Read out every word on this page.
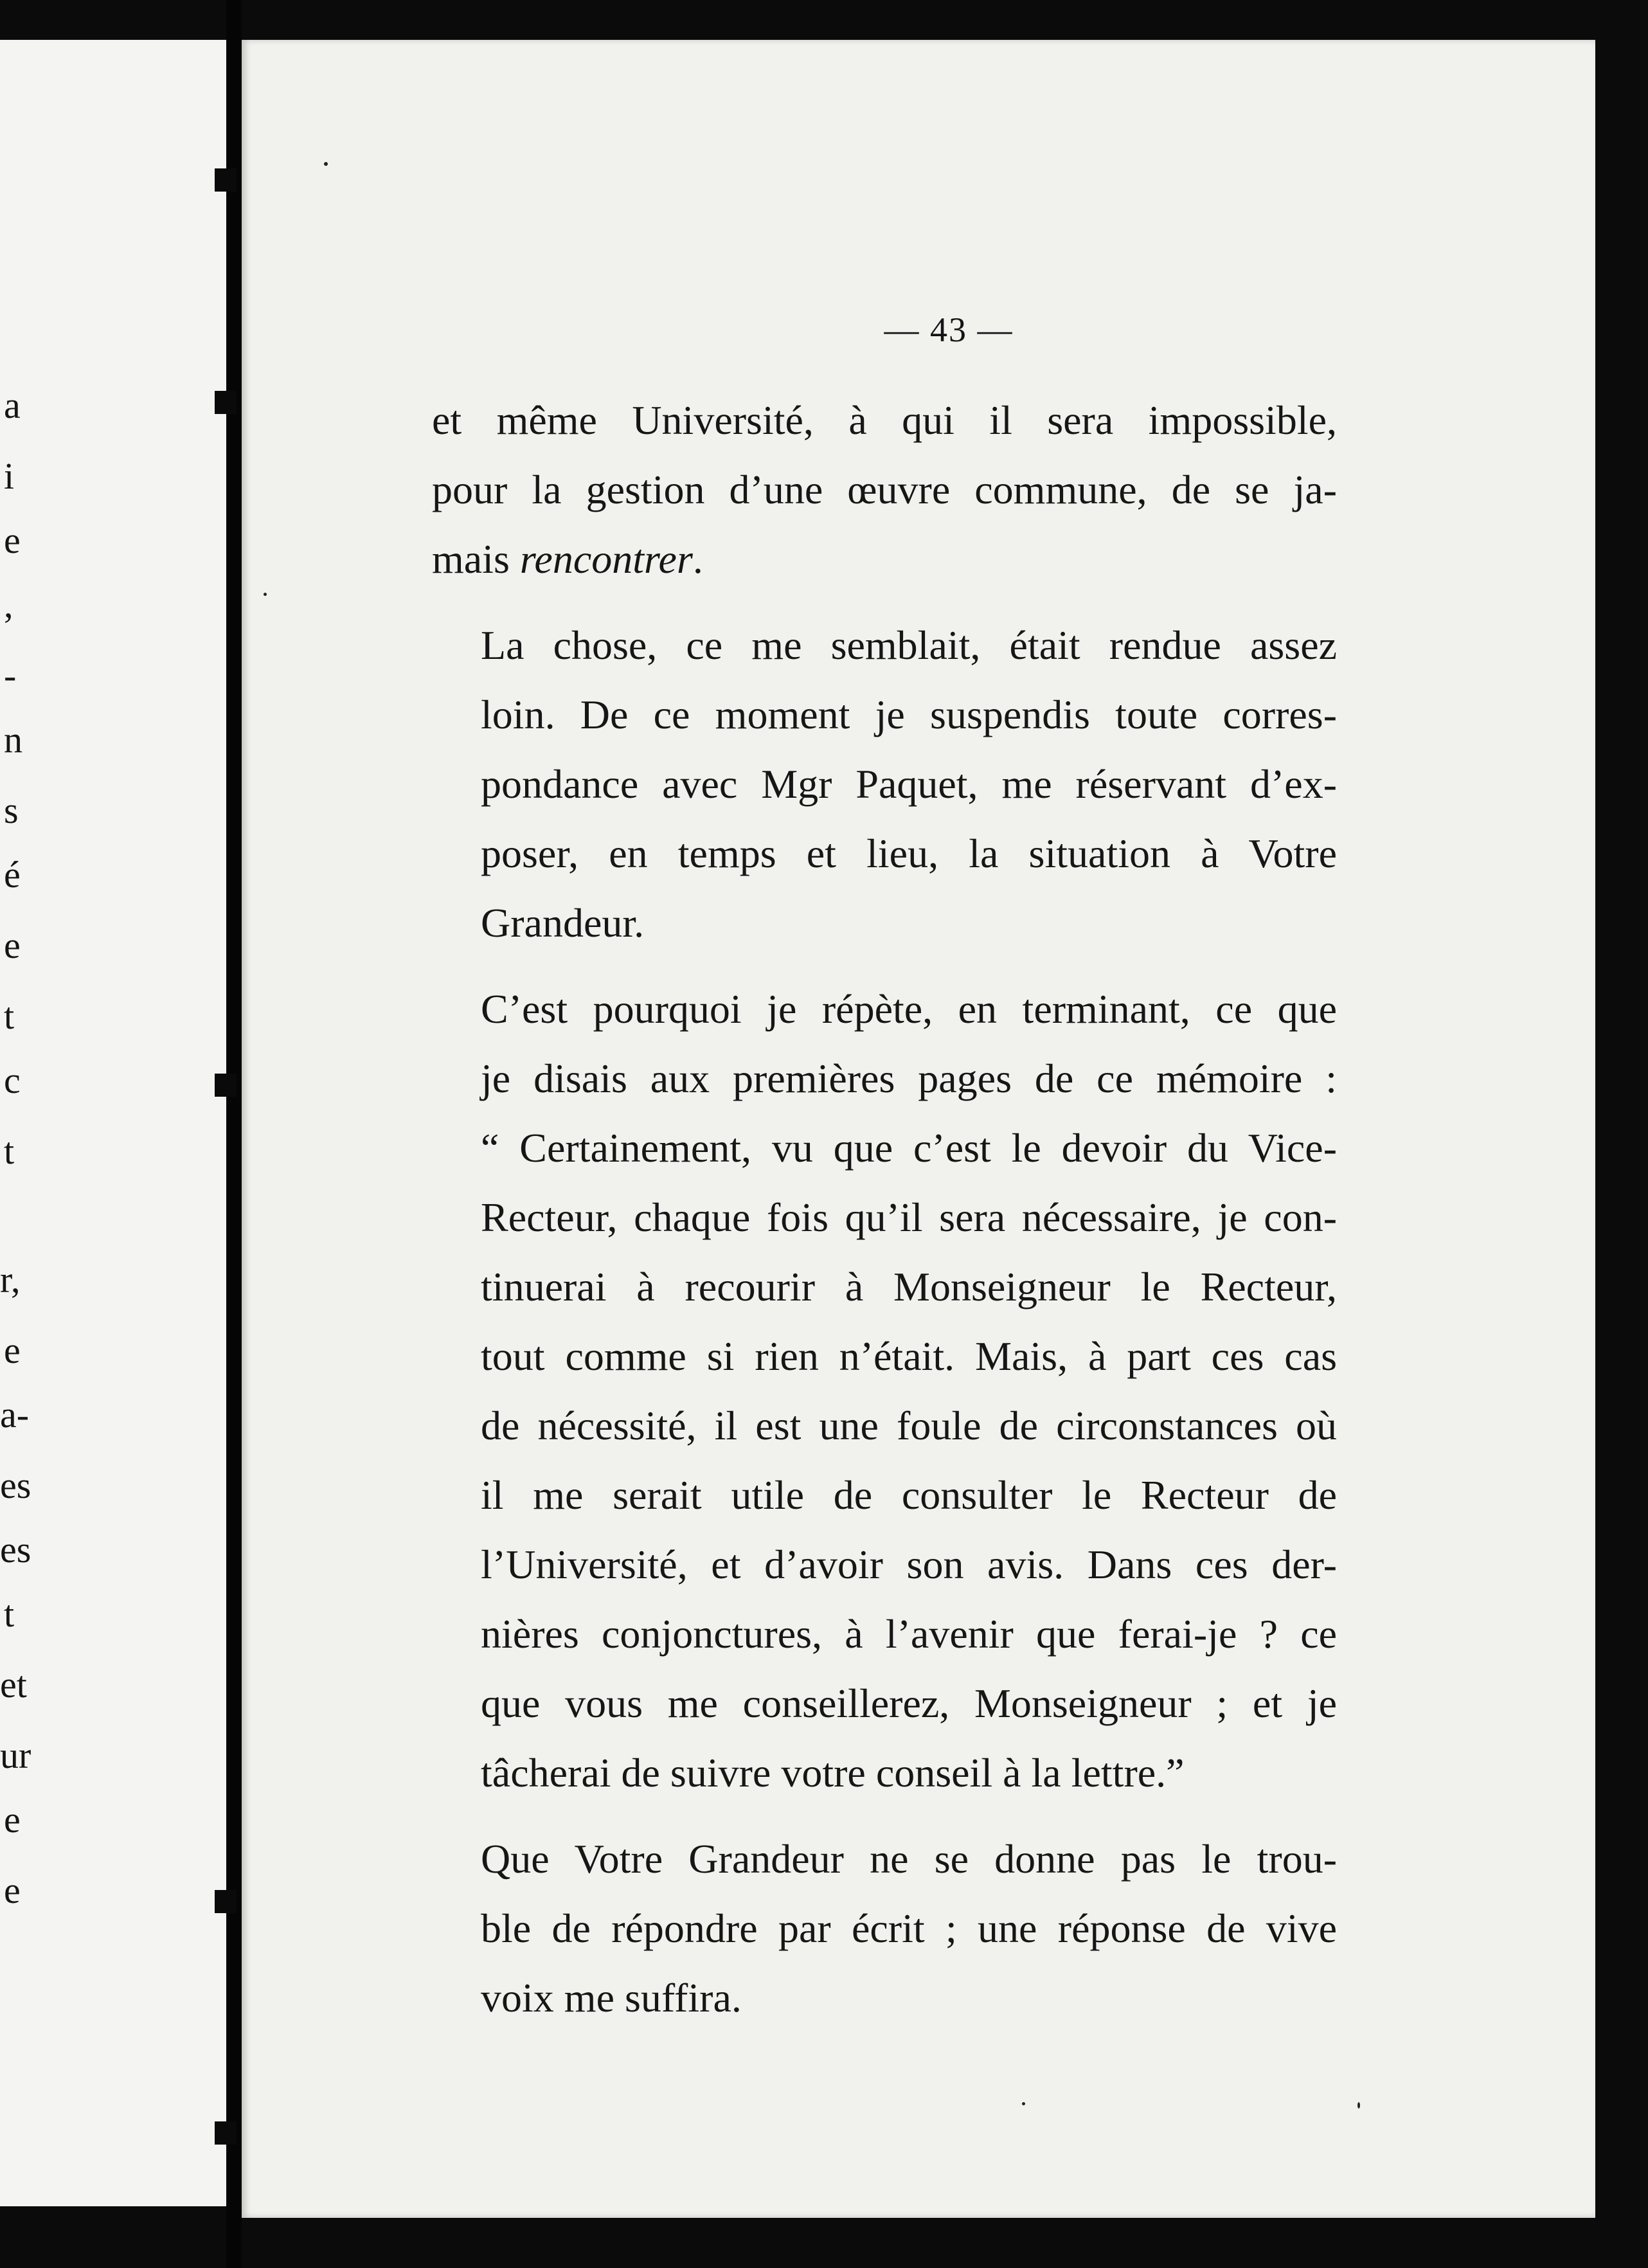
a
i
e
,
-
n
s
é
e
t
c
t
r,
e
a-
es
es
t
et
ur
e
e
— 43 —

et même Université, à qui il sera impossible,
pour la gestion d’une œuvre commune, de se ja-
mais rencontrer.

La chose, ce me semblait, était rendue assez
loin. De ce moment je suspendis toute corres-
pondance avec Mgr Paquet, me réservant d’ex-
poser, en temps et lieu, la situation à Votre
Grandeur.

C’est pourquoi je répète, en terminant, ce que
je disais aux premières pages de ce mémoire :
“ Certainement, vu que c’est le devoir du Vice-
Recteur, chaque fois qu’il sera nécessaire, je con-
tinuerai à recourir à Monseigneur le Recteur,
tout comme si rien n’était. Mais, à part ces cas
de nécessité, il est une foule de circonstances où
il me serait utile de consulter le Recteur de
l’Université, et d’avoir son avis. Dans ces der-
nières conjonctures, à l’avenir que ferai-je ? ce
que vous me conseillerez, Monseigneur ; et je
tâcherai de suivre votre conseil à la lettre.”

Que Votre Grandeur ne se donne pas le trou-
ble de répondre par écrit ; une réponse de vive
voix me suffira.
